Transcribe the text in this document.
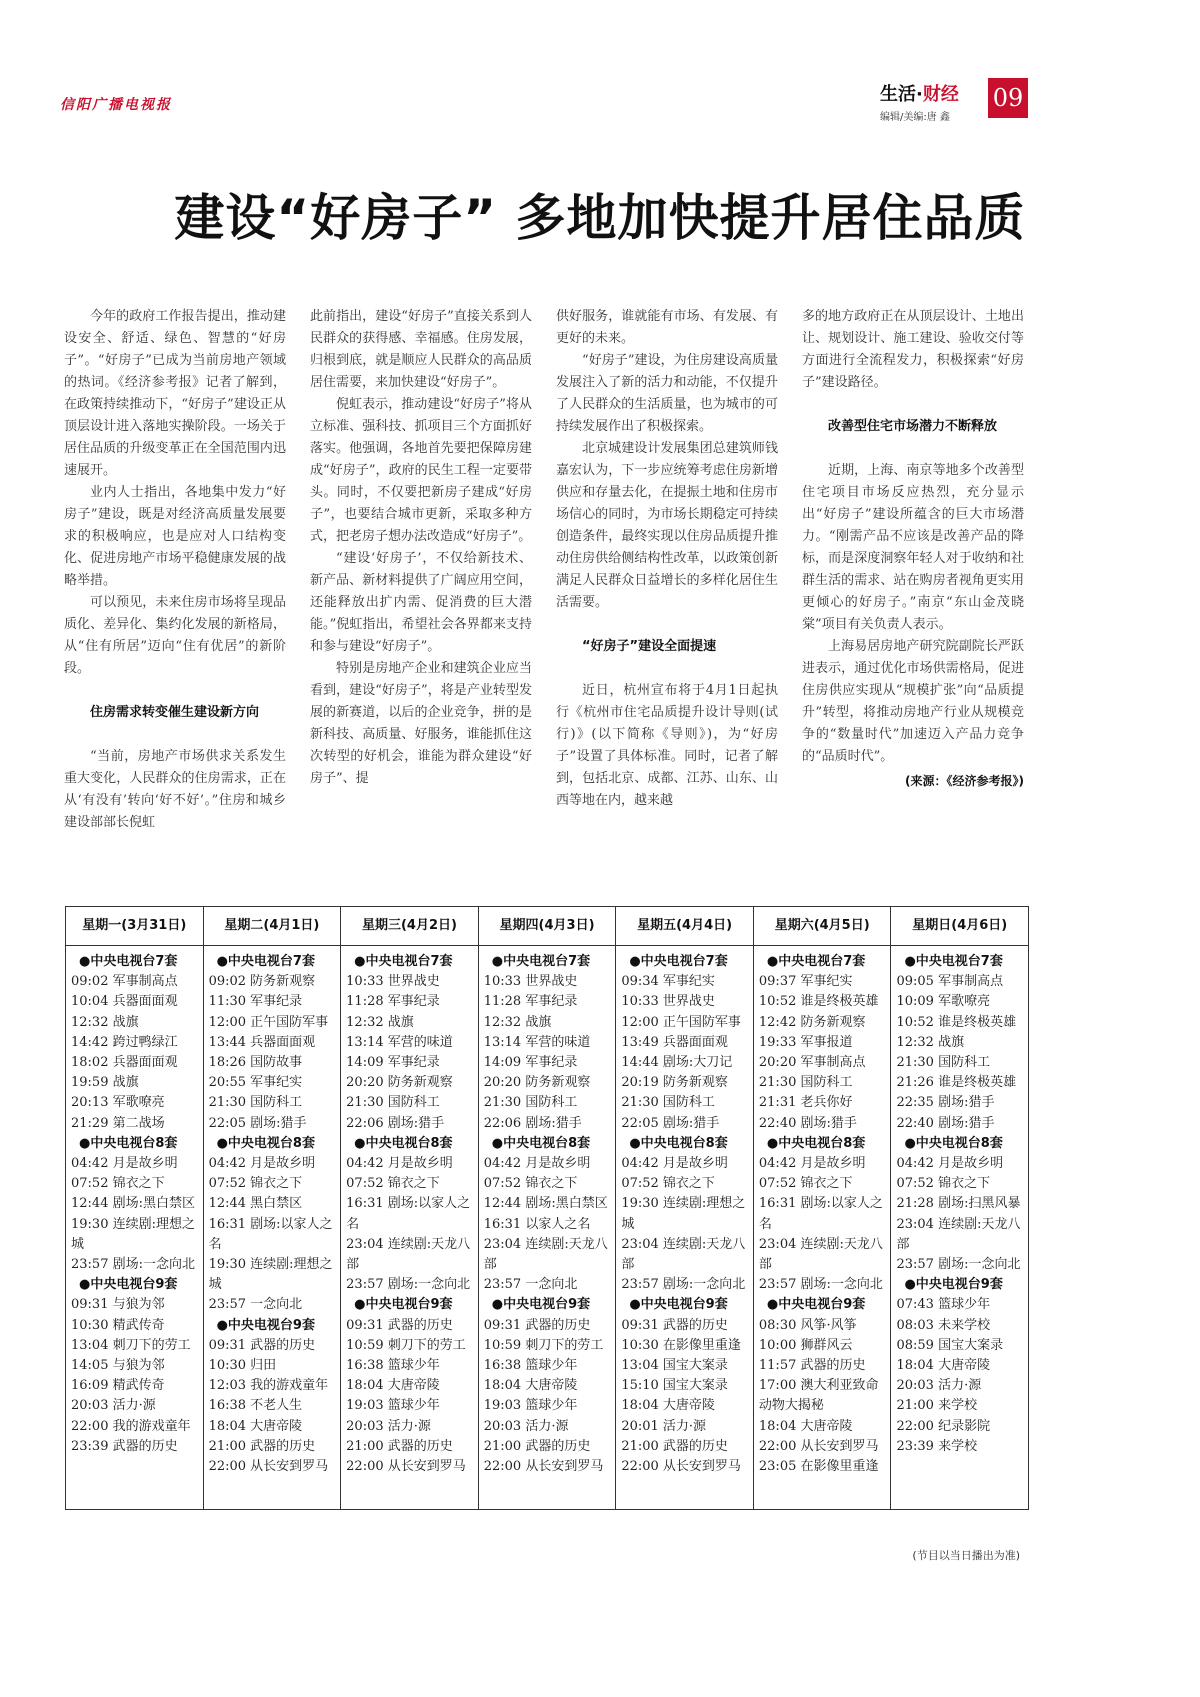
信阳广播电视报	生活·财经
编辑/美编:唐 鑫
09
建设“好房子” 多地加快提升居住品质

今年的政府工作报告提出，推动建设安全、舒适、绿色、智慧的“好房子”。“好房子”已成为当前房地产领域的热词。《经济参考报》记者了解到，在政策持续推动下，“好房子”建设正从顶层设计进入落地实操阶段。一场关于居住品质的升级变革正在全国范围内迅速展开。

业内人士指出，各地集中发力“好房子”建设，既是对经济高质量发展要求的积极响应，也是应对人口结构变化、促进房地产市场平稳健康发展的战略举措。

可以预见，未来住房市场将呈现品质化、差异化、集约化发展的新格局，从“住有所居”迈向“住有优居”的新阶段。

住房需求转变催生建设新方向

“当前，房地产市场供求关系发生重大变化，人民群众的住房需求，正在从‘有没有’转向‘好不好’。”住房和城乡建设部部长倪虹

此前指出，建设“好房子”直接关系到人民群众的获得感、幸福感。住房发展，归根到底，就是顺应人民群众的高品质居住需要，来加快建设“好房子”。

倪虹表示，推动建设“好房子”将从立标准、强科技、抓项目三个方面抓好落实。他强调，各地首先要把保障房建成“好房子”，政府的民生工程一定要带头。同时，不仅要把新房子建成“好房子”，也要结合城市更新，采取多种方式，把老房子想办法改造成“好房子”。

“建设‘好房子’，不仅给新技术、新产品、新材料提供了广阔应用空间，还能释放出扩内需、促消费的巨大潜能。”倪虹指出，希望社会各界都来支持和参与建设“好房子”。

特别是房地产企业和建筑企业应当看到，建设“好房子”，将是产业转型发展的新赛道，以后的企业竞争，拼的是新科技、高质量、好服务，谁能抓住这次转型的好机会，谁能为群众建设“好房子”、提

供好服务，谁就能有市场、有发展、有更好的未来。

“好房子”建设，为住房建设高质量发展注入了新的活力和动能，不仅提升了人民群众的生活质量，也为城市的可持续发展作出了积极探索。

北京城建设计发展集团总建筑师钱嘉宏认为，下一步应统筹考虑住房新增供应和存量去化，在提振土地和住房市场信心的同时，为市场长期稳定可持续创造条件，最终实现以住房品质提升推动住房供给侧结构性改革，以政策创新满足人民群众日益增长的多样化居住生活需要。

“好房子”建设全面提速

近日，杭州宣布将于4月1日起执行《杭州市住宅品质提升设计导则(试行)》(以下简称《导则》)，为“好房子”设置了具体标准。同时，记者了解到，包括北京、成都、江苏、山东、山西等地在内，越来越

多的地方政府正在从顶层设计、土地出让、规划设计、施工建设、验收交付等方面进行全流程发力，积极探索“好房子”建设路径。

改善型住宅市场潜力不断释放

近期，上海、南京等地多个改善型住宅项目市场反应热烈，充分显示出“好房子”建设所蕴含的巨大市场潜力。“刚需产品不应该是改善产品的降标，而是深度洞察年轻人对于收纳和社群生活的需求、站在购房者视角更实用更倾心的好房子。”南京“东山金茂晓棠”项目有关负责人表示。

上海易居房地产研究院副院长严跃进表示，通过优化市场供需格局，促进住房供应实现从“规模扩张”向“品质提升”转型，将推动房地产行业从规模竞争的“数量时代”加速迈入产品力竞争的“品质时代”。

(来源：《经济参考报》)

星期一(3月31日)
●中央电视台7套
09:02 军事制高点
10:04 兵器面面观
12:32 战旗
14:42 跨过鸭绿江
18:02 兵器面面观
19:59 战旗
20:13 军歌嘹亮
21:29 第二战场
●中央电视台8套
04:42 月是故乡明
07:52 锦衣之下
12:44 剧场:黑白禁区
19:30 连续剧:理想之城
23:57 剧场:一念向北
●中央电视台9套
09:31 与狼为邻
10:30 精武传奇
13:04 刺刀下的劳工
14:05 与狼为邻
16:09 精武传奇
20:03 活力·源
22:00 我的游戏童年
23:39 武器的历史
星期二(4月1日)
●中央电视台7套
09:02 防务新观察
11:30 军事纪录
12:00 正午国防军事
13:44 兵器面面观
18:26 国防故事
20:55 军事纪实
21:30 国防科工
22:05 剧场:猎手
●中央电视台8套
04:42 月是故乡明
07:52 锦衣之下
12:44 黑白禁区
16:31 剧场:以家人之名
19:30 连续剧:理想之城
23:57 一念向北
●中央电视台9套
09:31 武器的历史
10:30 归田
12:03 我的游戏童年
16:38 不老人生
18:04 大唐帝陵
21:00 武器的历史
22:00 从长安到罗马
星期三(4月2日)
●中央电视台7套
10:33 世界战史
11:28 军事纪录
12:32 战旗
13:14 军营的味道
14:09 军事纪录
20:20 防务新观察
21:30 国防科工
22:06 剧场:猎手
●中央电视台8套
04:42 月是故乡明
07:52 锦衣之下
16:31 剧场:以家人之名
23:04 连续剧:天龙八部
23:57 剧场:一念向北
●中央电视台9套
09:31 武器的历史
10:59 刺刀下的劳工
16:38 篮球少年
18:04 大唐帝陵
19:03 篮球少年
20:03 活力·源
21:00 武器的历史
22:00 从长安到罗马
星期四(4月3日)
●中央电视台7套
10:33 世界战史
11:28 军事纪录
12:32 战旗
13:14 军营的味道
14:09 军事纪录
20:20 防务新观察
21:30 国防科工
22:06 剧场:猎手
●中央电视台8套
04:42 月是故乡明
07:52 锦衣之下
12:44 剧场:黑白禁区
16:31 以家人之名
23:04 连续剧:天龙八部
23:57 一念向北
●中央电视台9套
09:31 武器的历史
10:59 刺刀下的劳工
16:38 篮球少年
18:04 大唐帝陵
19:03 篮球少年
20:03 活力·源
21:00 武器的历史
22:00 从长安到罗马
星期五(4月4日)
●中央电视台7套
09:34 军事纪实
10:33 世界战史
12:00 正午国防军事
13:49 兵器面面观
14:44 剧场:大刀记
20:19 防务新观察
21:30 国防科工
22:05 剧场:猎手
●中央电视台8套
04:42 月是故乡明
07:52 锦衣之下
19:30 连续剧:理想之城
23:04 连续剧:天龙八部
23:57 剧场:一念向北
●中央电视台9套
09:31 武器的历史
10:30 在影像里重逢
13:04 国宝大案录
15:10 国宝大案录
18:04 大唐帝陵
20:01 活力·源
21:00 武器的历史
22:00 从长安到罗马
星期六(4月5日)
●中央电视台7套
09:37 军事纪实
10:52 谁是终极英雄
12:42 防务新观察
19:33 军事报道
20:20 军事制高点
21:30 国防科工
21:31 老兵你好
22:40 剧场:猎手
●中央电视台8套
04:42 月是故乡明
07:52 锦衣之下
16:31 剧场:以家人之名
23:04 连续剧:天龙八部
23:57 剧场:一念向北
●中央电视台9套
08:30 风筝·风筝
10:00 狮群风云
11:57 武器的历史
17:00 澳大利亚致命动物大揭秘
18:04 大唐帝陵
22:00 从长安到罗马
23:05 在影像里重逢
星期日(4月6日)
●中央电视台7套
09:05 军事制高点
10:09 军歌嘹亮
10:52 谁是终极英雄
12:32 战旗
21:30 国防科工
21:26 谁是终极英雄
22:35 剧场:猎手
22:40 剧场:猎手
●中央电视台8套
04:42 月是故乡明
07:52 锦衣之下
21:28 剧场:扫黑风暴
23:04 连续剧:天龙八部
23:57 剧场:一念向北
●中央电视台9套
07:43 篮球少年
08:03 未来学校
08:59 国宝大案录
18:04 大唐帝陵
20:03 活力·源
21:00 来学校
22:00 纪录影院
23:39 来学校
(节目以当日播出为准)
